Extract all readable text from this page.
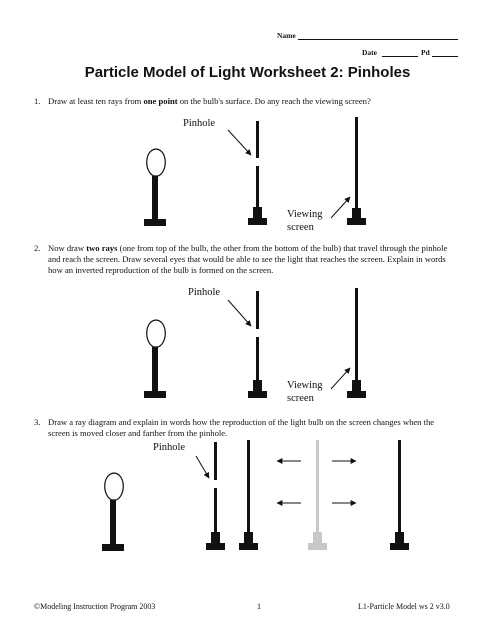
Name
Date	Pd
Particle Model of Light Worksheet 2: Pinholes
1. Draw at least ten rays from one point on the bulb's surface. Do any reach the viewing screen?
2. Now draw two rays (one from top of the bulb, the other from the bottom of the bulb) that travel through the pinhole and reach the screen. Draw several eyes that would be able to see the light that reaches the screen. Explain in words how an inverted reproduction of the bulb is formed on the screen.
3. Draw a ray diagram and explain in words how the reproduction of the light bulb on the screen changes when the screen is moved closer and farther from the pinhole.
Pinhole
Viewing
screen
Pinhole
Viewing
screen
Pinhole
©Modeling Instruction Program 2003	1	L1-Particle Model ws 2 v3.0
